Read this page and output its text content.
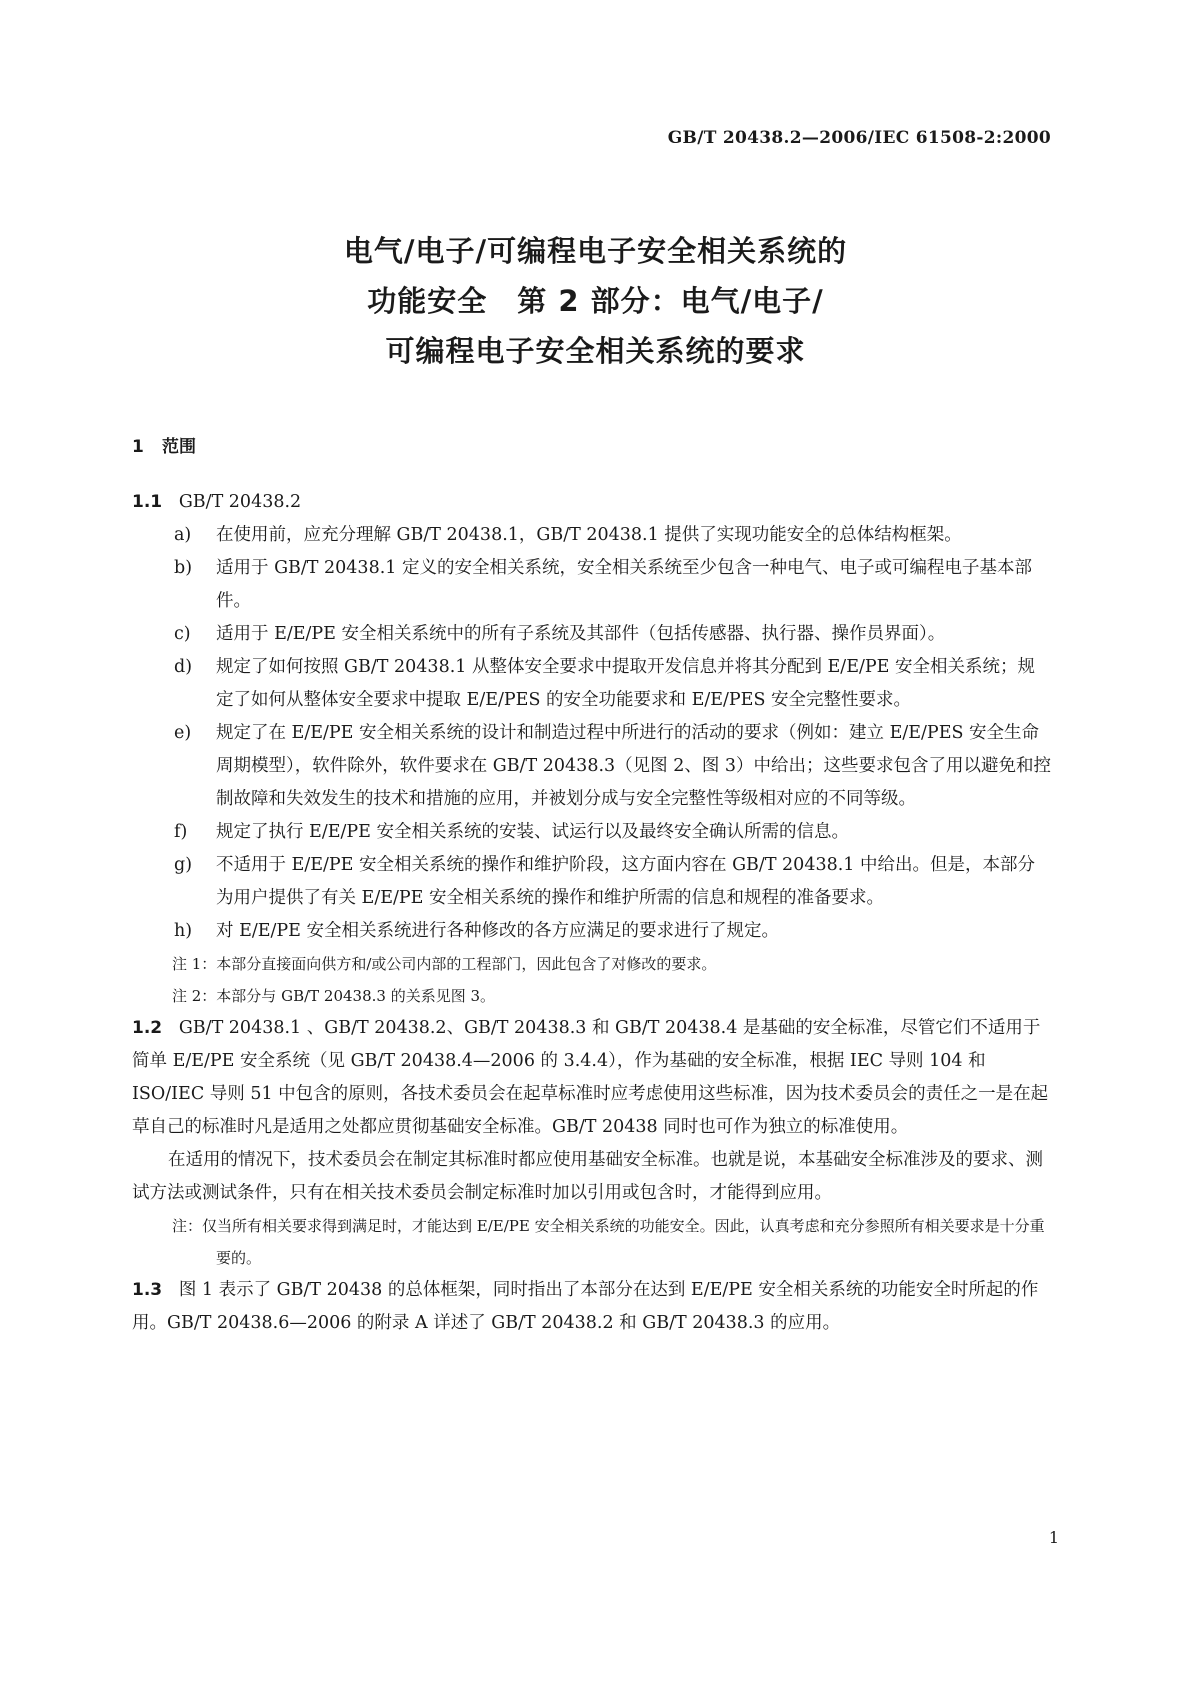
GB/T 20438.2—2006/IEC 61508-2:2000
电气/电子/可编程电子安全相关系统的
功能安全　第 2 部分：电气/电子/
可编程电子安全相关系统的要求
1 范围
1.1 GB/T 20438.2
a) 在使用前，应充分理解 GB/T 20438.1，GB/T 20438.1 提供了实现功能安全的总体结构框架。
b) 适用于 GB/T 20438.1 定义的安全相关系统，安全相关系统至少包含一种电气、电子或可编程电子基本部件。
c) 适用于 E/E/PE 安全相关系统中的所有子系统及其部件（包括传感器、执行器、操作员界面）。
d) 规定了如何按照 GB/T 20438.1 从整体安全要求中提取开发信息并将其分配到 E/E/PE 安全相关系统；规定了如何从整体安全要求中提取 E/E/PES 的安全功能要求和 E/E/PES 安全完整性要求。
e) 规定了在 E/E/PE 安全相关系统的设计和制造过程中所进行的活动的要求（例如：建立 E/E/PES 安全生命周期模型），软件除外，软件要求在 GB/T 20438.3（见图 2、图 3）中给出；这些要求包含了用以避免和控制故障和失效发生的技术和措施的应用，并被划分成与安全完整性等级相对应的不同等级。
f) 规定了执行 E/E/PE 安全相关系统的安装、试运行以及最终安全确认所需的信息。
g) 不适用于 E/E/PE 安全相关系统的操作和维护阶段，这方面内容在 GB/T 20438.1 中给出。但是，本部分为用户提供了有关 E/E/PE 安全相关系统的操作和维护所需的信息和规程的准备要求。
h) 对 E/E/PE 安全相关系统进行各种修改的各方应满足的要求进行了规定。
注 1：本部分直接面向供方和/或公司内部的工程部门，因此包含了对修改的要求。
注 2：本部分与 GB/T 20438.3 的关系见图 3。
1.2 GB/T 20438.1 、GB/T 20438.2、GB/T 20438.3 和 GB/T 20438.4 是基础的安全标准，尽管它们不适用于简单 E/E/PE 安全系统（见 GB/T 20438.4—2006 的 3.4.4），作为基础的安全标准，根据 IEC 导则 104 和 ISO/IEC 导则 51 中包含的原则，各技术委员会在起草标准时应考虑使用这些标准，因为技术委员会的责任之一是在起草自己的标准时凡是适用之处都应贯彻基础安全标准。GB/T 20438 同时也可作为独立的标准使用。
在适用的情况下，技术委员会在制定其标准时都应使用基础安全标准。也就是说，本基础安全标准涉及的要求、测试方法或测试条件，只有在相关技术委员会制定标准时加以引用或包含时，才能得到应用。
注：仅当所有相关要求得到满足时，才能达到 E/E/PE 安全相关系统的功能安全。因此，认真考虑和充分参照所有相关要求是十分重要的。
1.3 图 1 表示了 GB/T 20438 的总体框架，同时指出了本部分在达到 E/E/PE 安全相关系统的功能安全时所起的作用。GB/T 20438.6—2006 的附录 A 详述了 GB/T 20438.2 和 GB/T 20438.3 的应用。
1
